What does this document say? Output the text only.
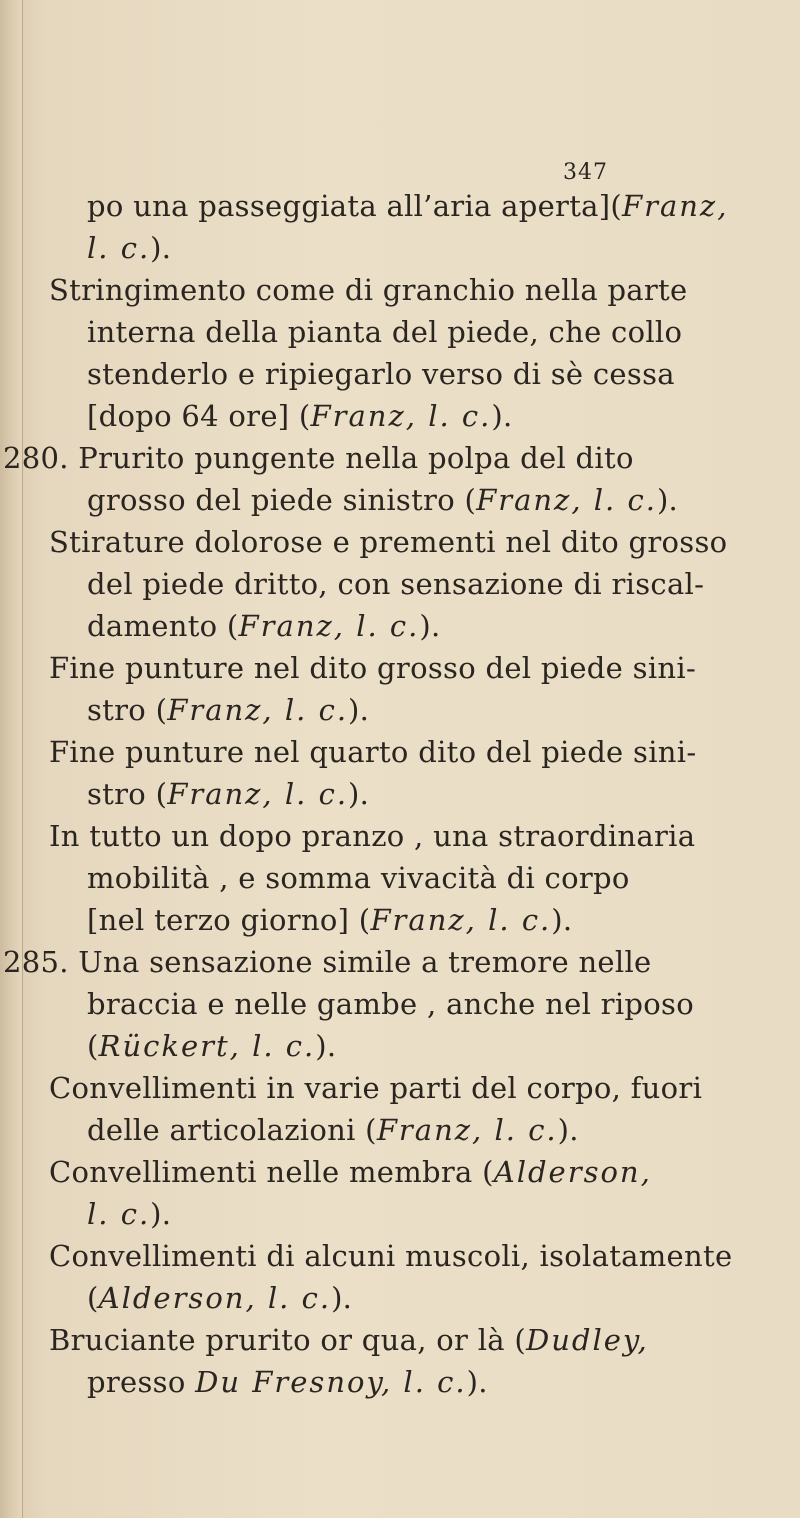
347
po una passeggiata all’aria aperta](Franz,
l. c.).
Stringimento come di granchio nella parte
interna della pianta del piede, che collo
stenderlo e ripiegarlo verso di sè cessa
[dopo 64 ore] (Franz, l. c.).
280. Prurito pungente nella polpa del dito
grosso del piede sinistro (Franz, l. c.).
Stirature dolorose e prementi nel dito grosso
del piede dritto, con sensazione di riscal-
damento (Franz, l. c.).
Fine punture nel dito grosso del piede sini-
stro (Franz, l. c.).
Fine punture nel quarto dito del piede sini-
stro (Franz, l. c.).
In tutto un dopo pranzo , una straordinaria
mobilità , e somma vivacità di corpo
[nel terzo giorno] (Franz, l. c.).
285. Una sensazione simile a tremore nelle
braccia e nelle gambe , anche nel riposo
(Rückert, l. c.).
Convellimenti in varie parti del corpo, fuori
delle articolazioni (Franz, l. c.).
Convellimenti nelle membra (Alderson,
l. c.).
Convellimenti di alcuni muscoli, isolatamente
(Alderson, l. c.).
Bruciante prurito or qua, or là (Dudley,
presso Du Fresnoy, l. c.).
